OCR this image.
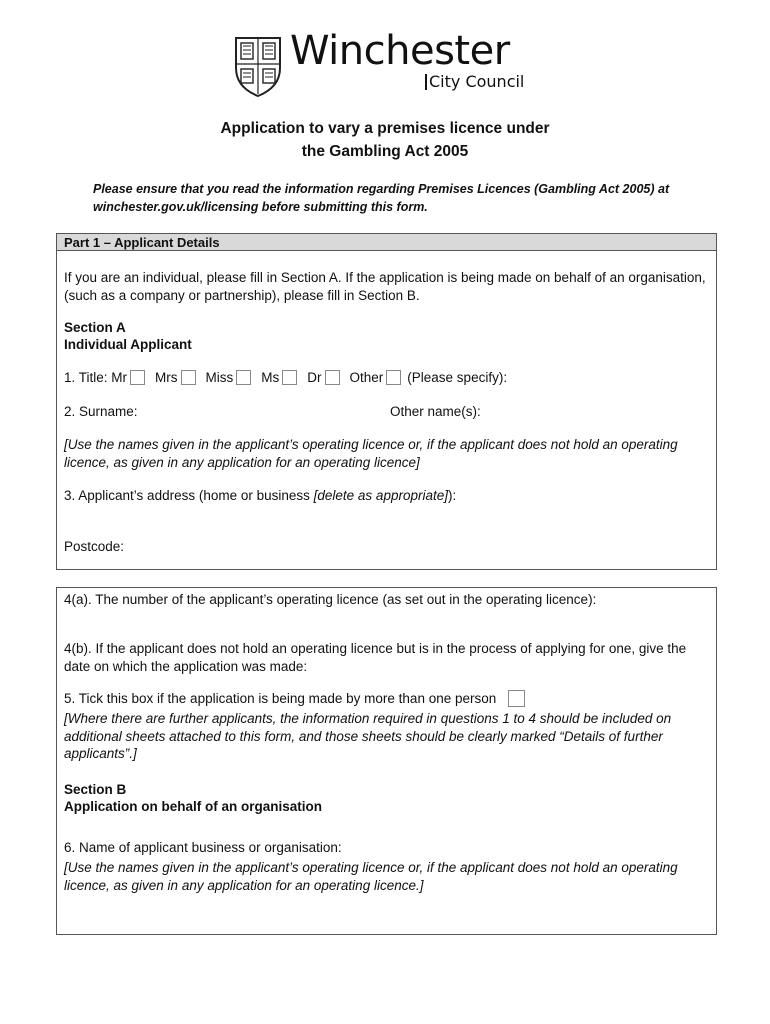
Winchester
City Council
Application to vary a premises licence under
the Gambling Act 2005
Please ensure that you read the information regarding Premises Licences (Gambling Act 2005) at winchester.gov.uk/licensing before submitting this form.
Part 1 – Applicant Details
If you are an individual, please fill in Section A. If the application is being made on behalf of an organisation, (such as a company or partnership), please fill in Section B.
Section A
Individual Applicant
1. Title: Mr Mrs Miss Ms Dr Other (Please specify):
2. Surname:	Other name(s):
[Use the names given in the applicant’s operating licence or, if the applicant does not hold an operating licence, as given in any application for an operating licence]
3. Applicant’s address (home or business [delete as appropriate]):
Postcode:
4(a). The number of the applicant’s operating licence (as set out in the operating licence):
4(b). If the applicant does not hold an operating licence but is in the process of applying for one, give the date on which the application was made:
5. Tick this box if the application is being made by more than one person
[Where there are further applicants, the information required in questions 1 to 4 should be included on additional sheets attached to this form, and those sheets should be clearly marked “Details of further applicants”.]
Section B
Application on behalf of an organisation
6. Name of applicant business or organisation:
[Use the names given in the applicant’s operating licence or, if the applicant does not hold an operating licence, as given in any application for an operating licence.]
